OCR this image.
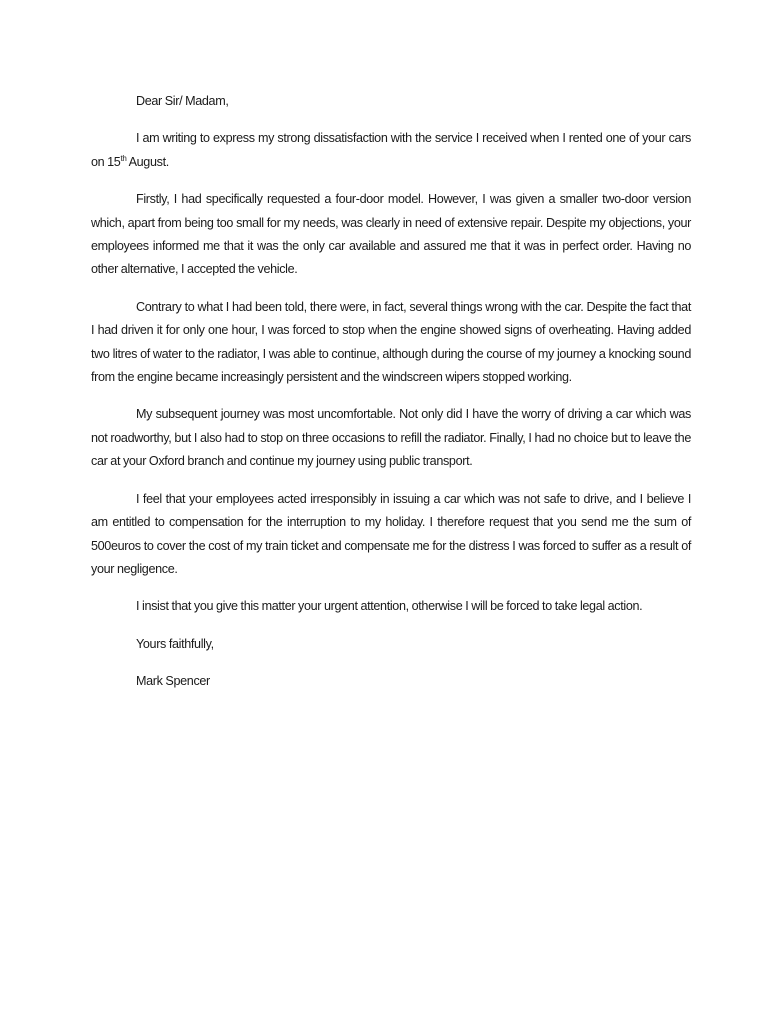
Dear Sir/ Madam,

I am writing to express my strong dissatisfaction with the service I received when I rented one of your cars on 15th August.

Firstly, I had specifically requested a four-door model. However, I was given a smaller two-door version which, apart from being too small for my needs, was clearly in need of extensive repair. Despite my objections, your employees informed me that it was the only car available and assured me that it was in perfect order. Having no other alternative, I accepted the vehicle.

Contrary to what I had been told, there were, in fact, several things wrong with the car. Despite the fact that I had driven it for only one hour, I was forced to stop when the engine showed signs of overheating. Having added two litres of water to the radiator, I was able to continue, although during the course of my journey a knocking sound from the engine became increasingly persistent and the windscreen wipers stopped working.

My subsequent journey was most uncomfortable. Not only did I have the worry of driving a car which was not roadworthy, but I also had to stop on three occasions to refill the radiator. Finally, I had no choice but to leave the car at your Oxford branch and continue my journey using public transport.

I feel that your employees acted irresponsibly in issuing a car which was not safe to drive, and I believe I am entitled to compensation for the interruption to my holiday. I therefore request that you send me the sum of 500euros to cover the cost of my train ticket and compensate me for the distress I was forced to suffer as a result of your negligence.

I insist that you give this matter your urgent attention, otherwise I will be forced to take legal action.

Yours faithfully,

Mark Spencer
